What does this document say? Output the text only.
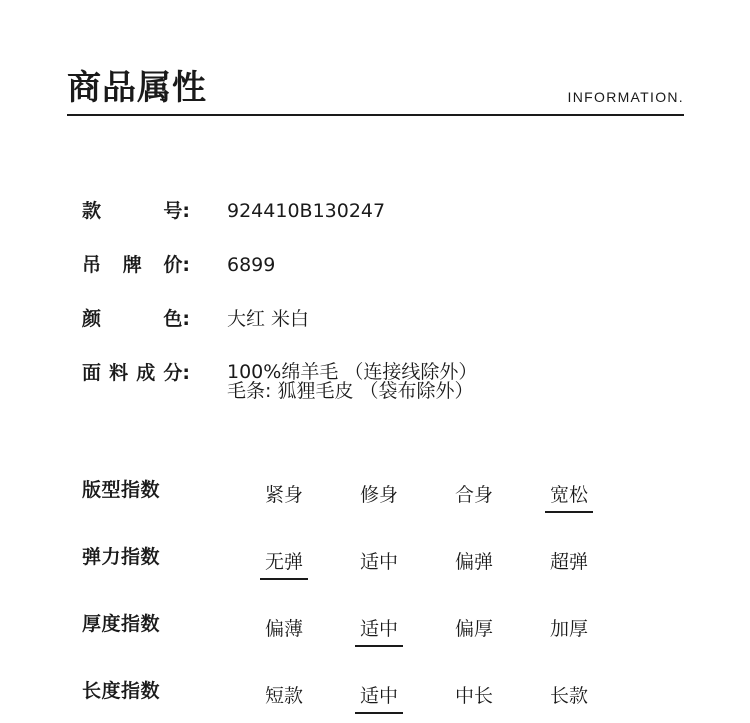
商品属性	INFORMATION.
款	号: 924410B130247
吊 牌 价: 6899
颜	色: 大红 米白
面 料 成 分: 100%绵羊毛 （连接线除外）
毛条: 狐狸毛皮 （袋布除外）
版型指数	紧身	修身	合身	宽松
弹力指数	无弹	适中	偏弹	超弹
厚度指数	偏薄	适中	偏厚	加厚
长度指数	短款	适中	中长	长款
